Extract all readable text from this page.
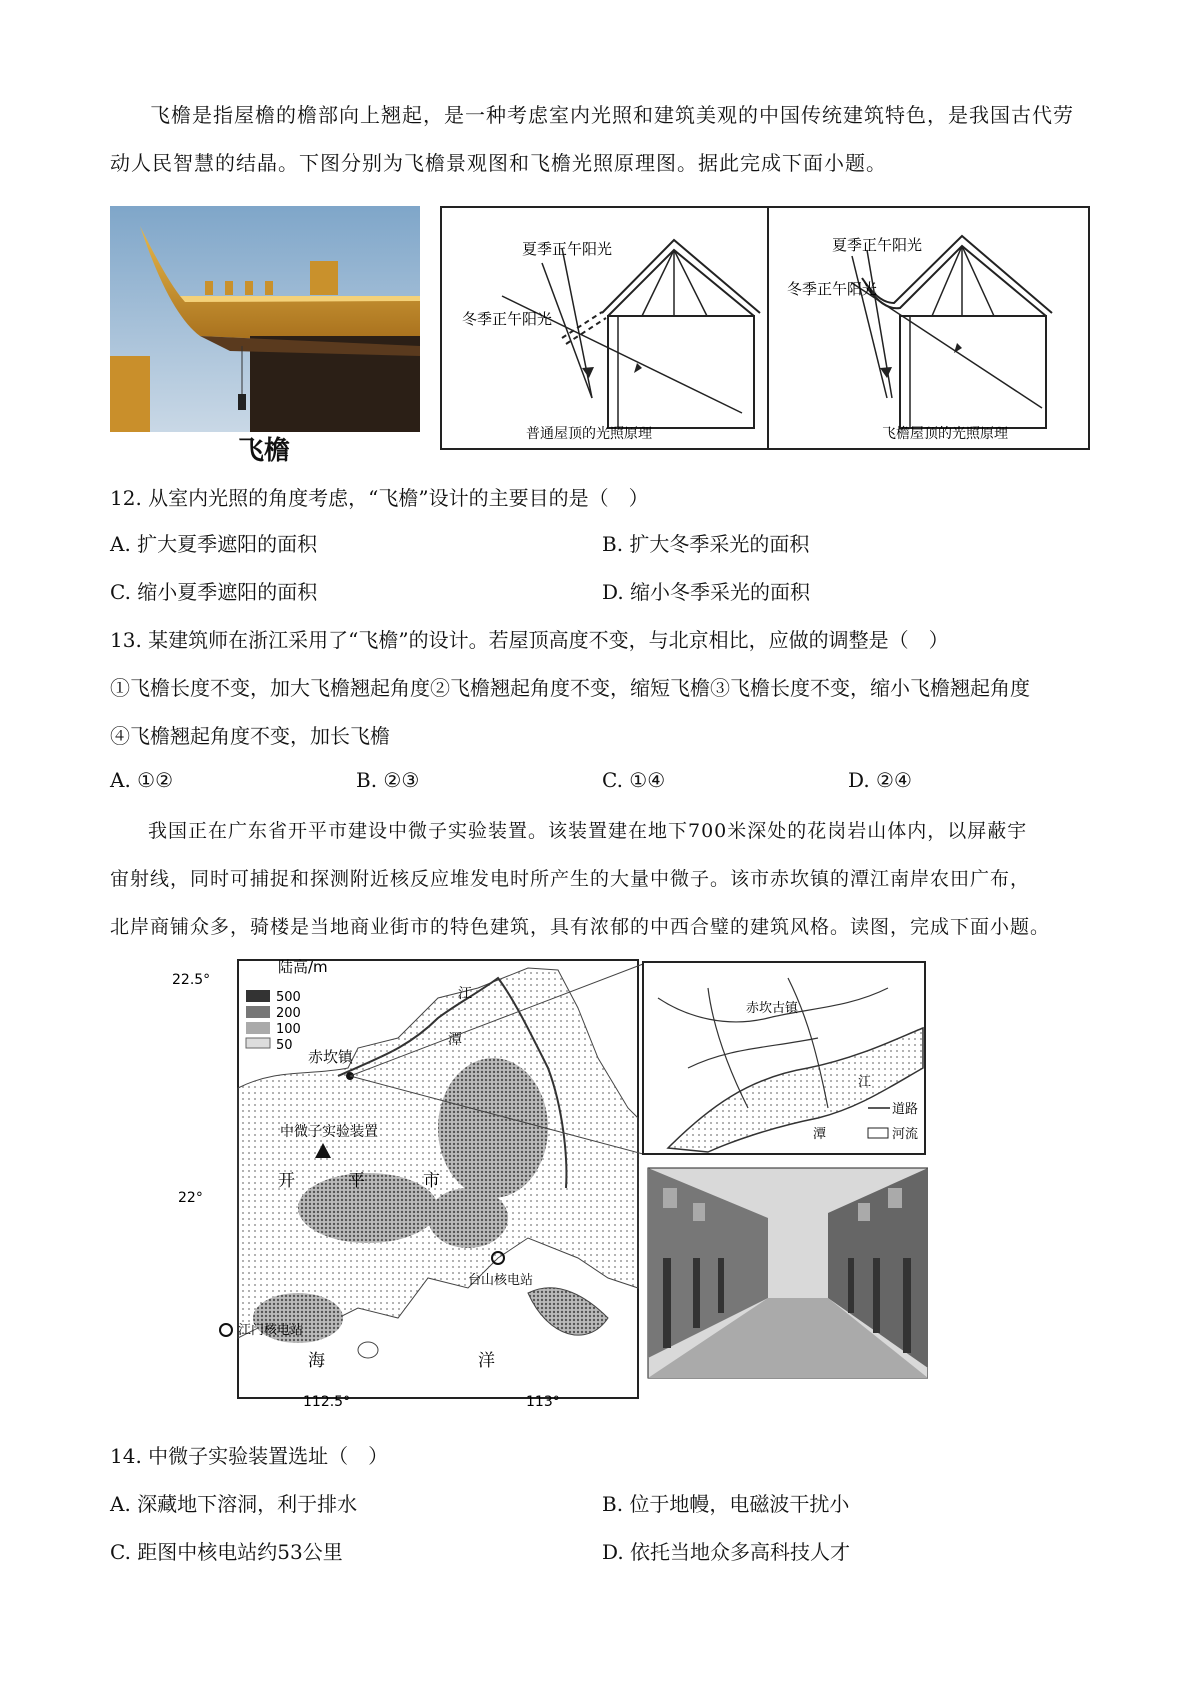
飞檐是指屋檐的檐部向上翘起，是一种考虑室内光照和建筑美观的中国传统建筑特色，是我国古代劳
动人民智慧的结晶。下图分别为飞檐景观图和飞檐光照原理图。据此完成下面小题。
飞檐
夏季正午阳光
冬季正午阳光
普通屋顶的光照原理
夏季正午阳光
冬季正午阳光
飞檐屋顶的光照原理
12. 从室内光照的角度考虑，“飞檐”设计的主要目的是（　）
A. 扩大夏季遮阳的面积	B. 扩大冬季采光的面积
C. 缩小夏季遮阳的面积	D. 缩小冬季采光的面积
13. 某建筑师在浙江采用了“飞檐”的设计。若屋顶高度不变，与北京相比，应做的调整是（　）
①飞檐长度不变，加大飞檐翘起角度②飞檐翘起角度不变，缩短飞檐③飞檐长度不变，缩小飞檐翘起角度
④飞檐翘起角度不变，加长飞檐
A. ①②	B. ②③	C. ①④	D. ②④
我国正在广东省开平市建设中微子实验装置。该装置建在地下700米深处的花岗岩山体内，以屏蔽宇
宙射线，同时可捕捉和探测附近核反应堆发电时所产生的大量中微子。该市赤坎镇的潭江南岸农田广布，
北岸商铺众多，骑楼是当地商业街市的特色建筑，具有浓郁的中西合璧的建筑风格。读图，完成下面小题。
22.5°
陆高/m
500
200
100
50
22°
112.5°	113°
赤坎镇
江
潭
中微子实验装置
开	平	市
台山核电站
江门核电站
海	洋
赤坎古镇
江
潭
道路
河流
14. 中微子实验装置选址（　）
A. 深藏地下溶洞，利于排水	B. 位于地幔，电磁波干扰小
C. 距图中核电站约53公里	D. 依托当地众多高科技人才
